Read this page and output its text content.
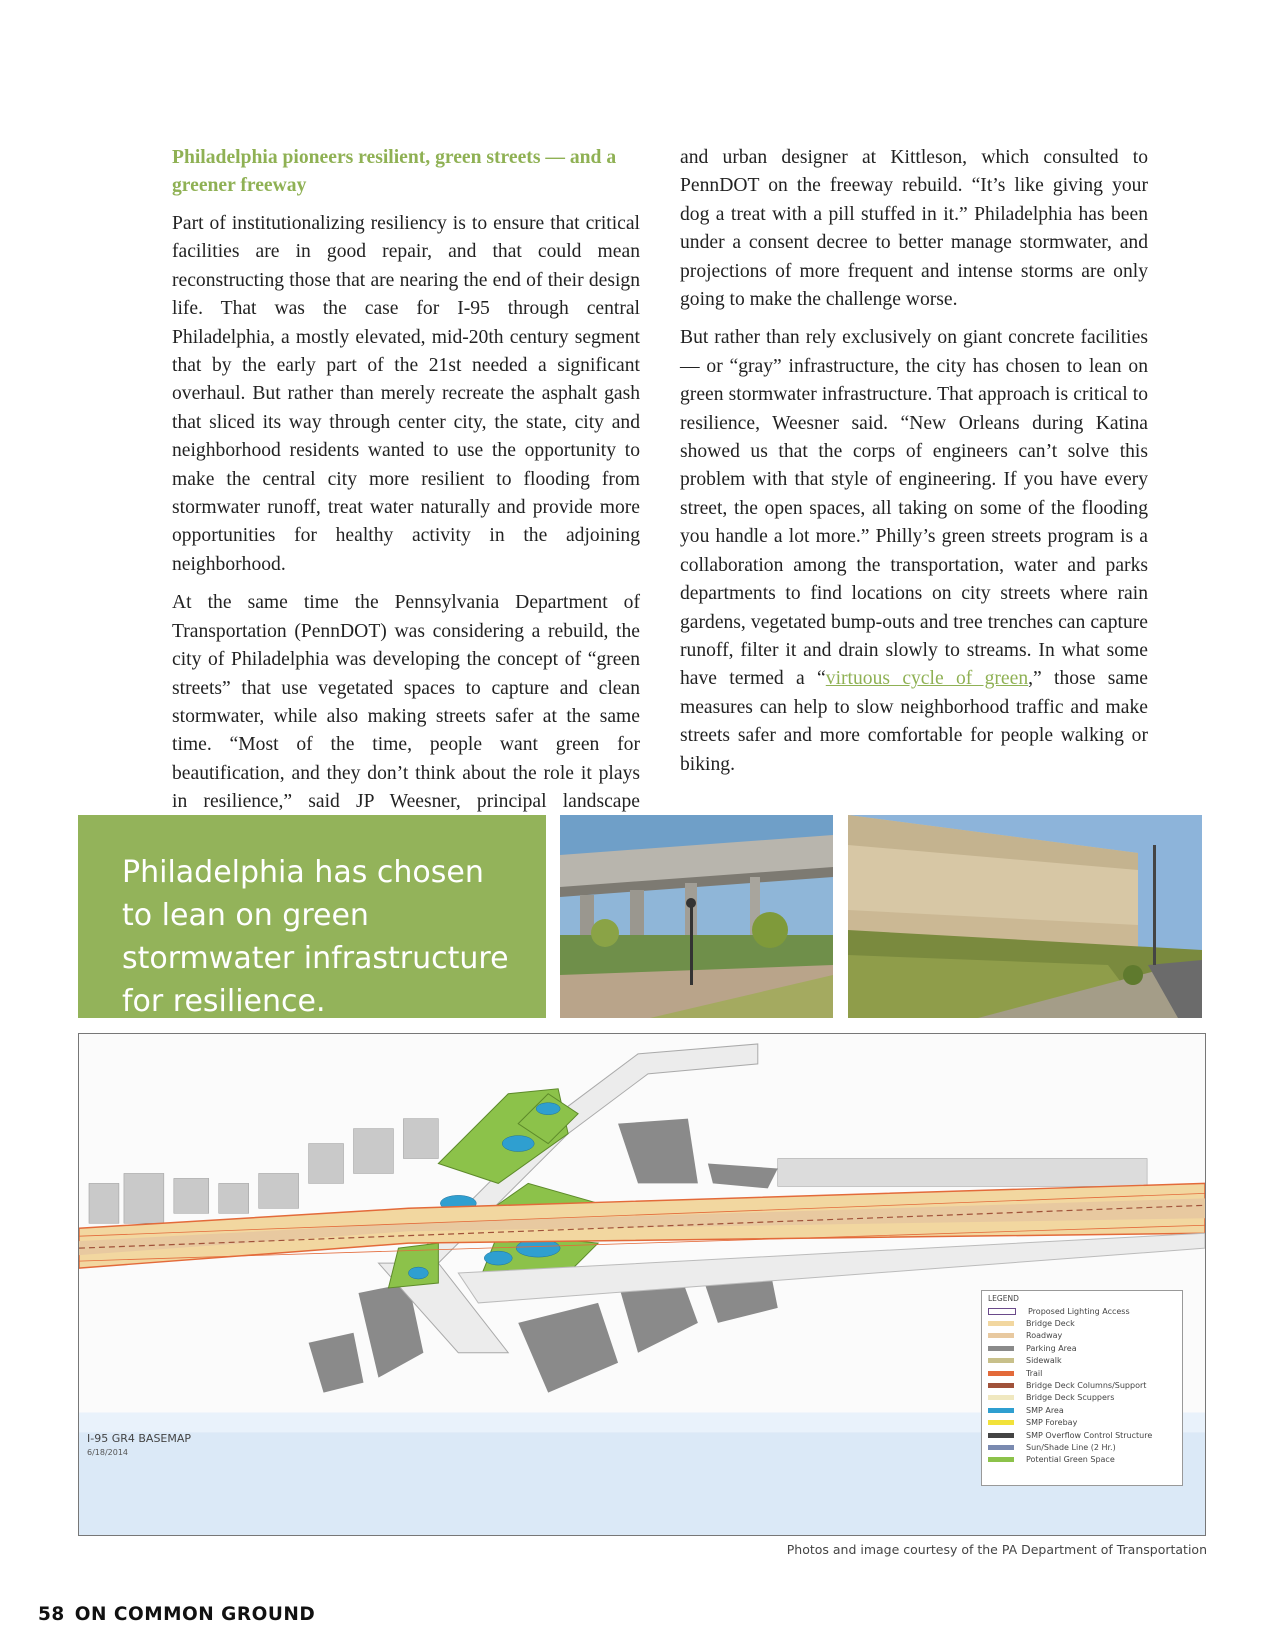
Philadelphia pioneers resilient, green streets — and a greener freeway

Part of institutionalizing resiliency is to ensure that critical facilities are in good repair, and that could mean reconstructing those that are nearing the end of their design life. That was the case for I-95 through central Philadelphia, a mostly elevated, mid-20th century segment that by the early part of the 21st needed a significant overhaul. But rather than merely recreate the asphalt gash that sliced its way through center city, the state, city and neighborhood residents wanted to use the opportunity to make the central city more resilient to flooding from stormwater runoff, treat water naturally and provide more opportunities for healthy activity in the adjoining neighborhood.

At the same time the Pennsylvania Department of Transportation (PennDOT) was considering a rebuild, the city of Philadelphia was developing the concept of “green streets” that use vegetated spaces to capture and clean stormwater, while also making streets safer at the same time. “Most of the time, people want green for beautification, and they don’t think about the role it plays in resilience,” said JP Weesner, principal landscape

and urban designer at Kittleson, which consulted to PennDOT on the freeway rebuild. “It’s like giving your dog a treat with a pill stuffed in it.” Philadelphia has been under a consent decree to better manage stormwater, and projections of more frequent and intense storms are only going to make the challenge worse.

But rather than rely exclusively on giant concrete facilities — or “gray” infrastructure, the city has chosen to lean on green stormwater infrastructure. That approach is critical to resilience, Weesner said. “New Orleans during Katina showed us that the corps of engineers can’t solve this problem with that style of engineering. If you have every street, the open spaces, all taking on some of the flooding you handle a lot more.” Philly’s green streets program is a collaboration among the transportation, water and parks departments to find locations on city streets where rain gardens, vegetated bump-outs and tree trenches can capture runoff, filter it and drain slowly to streams. In what some have termed a “virtuous cycle of green,” those same measures can help to slow neighborhood traffic and make streets safer and more comfortable for people walking or biking.

Philadelphia has chosen to lean on green stormwater infrastructure for resilience.
I-95 GR4 BASEMAP
6/18/2014
LEGEND
Proposed Lighting Access
Bridge Deck
Roadway
Parking Area
Sidewalk
Trail
Bridge Deck Columns/Support
Bridge Deck Scuppers
SMP Area
SMP Forebay
SMP Overflow Control Structure
Sun/Shade Line (2 Hr.)
Potential Green Space
Photos and image courtesy of the PA Department of Transportation
58 ON COMMON GROUND
